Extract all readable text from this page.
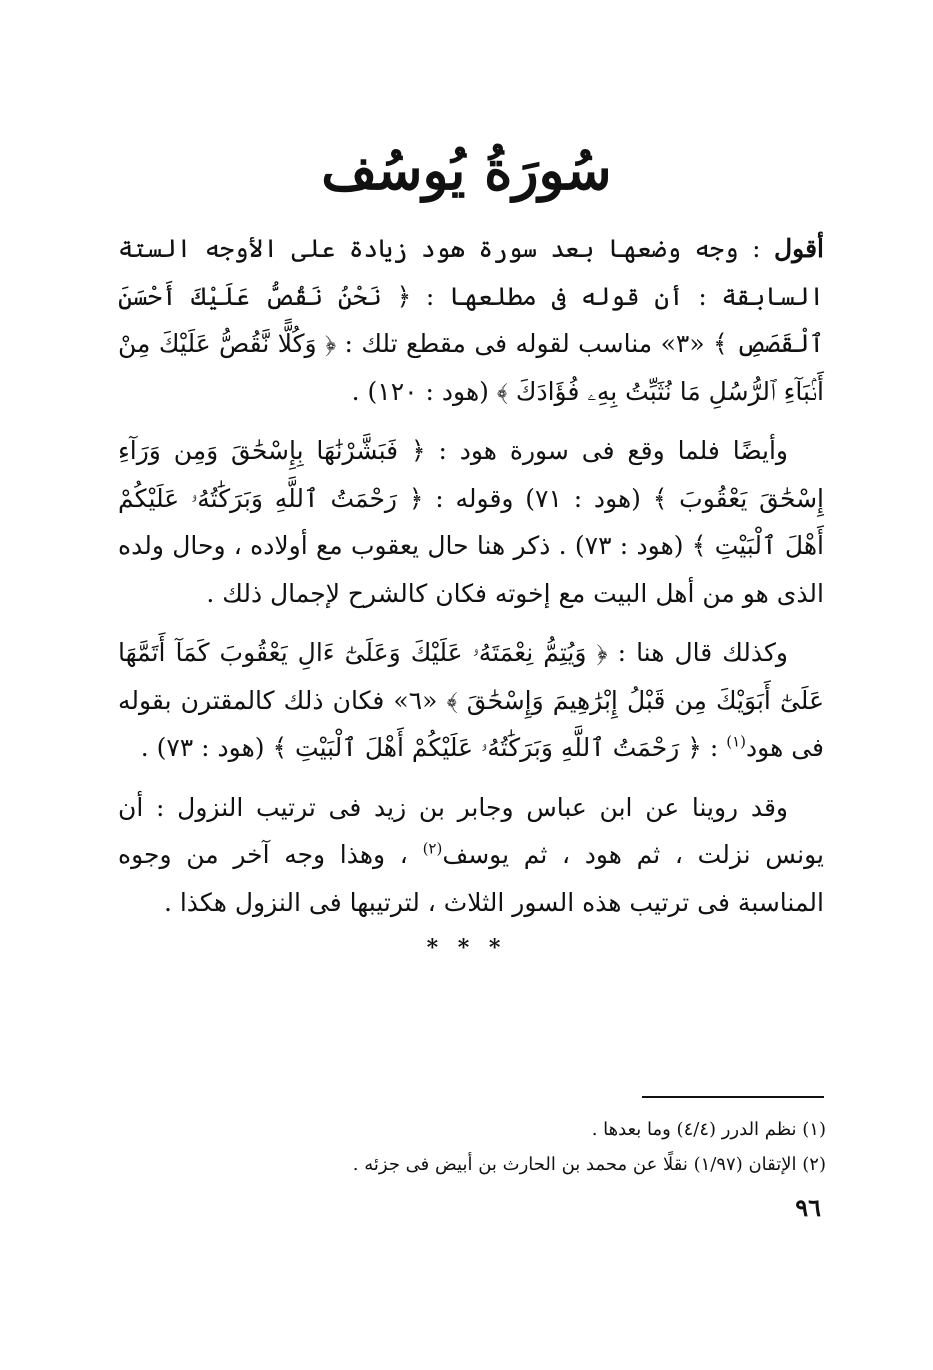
سُورَةُ يُوسُف

أقول : وجه وضعها بعد سورة هود زيادة على الأوجه الستة السابقة : أن قوله فى مطلعها : ﴿ نَحْنُ نَقُصُّ عَلَيْكَ أَحْسَنَ ٱلْقَصَصِ ﴾ «٣» مناسب لقوله فى مقطع تلك : ﴿ وَكُلًّا نَّقُصُّ عَلَيْكَ مِنْ أَنۢبَآءِ ٱلرُّسُلِ مَا نُثَبِّتُ بِهِۦ فُؤَادَكَ ﴾ (هود : ١٢٠) .

وأيضًا فلما وقع فى سورة هود : ﴿ فَبَشَّرْنَٰهَا بِإِسْحَٰقَ وَمِن وَرَآءِ إِسْحَٰقَ يَعْقُوبَ ﴾ (هود : ٧١) وقوله : ﴿ رَحْمَتُ ٱللَّهِ وَبَرَكَٰتُهُۥ عَلَيْكُمْ أَهْلَ ٱلْبَيْتِ ﴾ (هود : ٧٣) . ذكر هنا حال يعقوب مع أولاده ، وحال ولده الذى هو من أهل البيت مع إخوته فكان كالشرح لإجمال ذلك .

وكذلك قال هنا : ﴿ وَيُتِمُّ نِعْمَتَهُۥ عَلَيْكَ وَعَلَىٰٓ ءَالِ يَعْقُوبَ كَمَآ أَتَمَّهَا عَلَىٰٓ أَبَوَيْكَ مِن قَبْلُ إِبْرَٰهِيمَ وَإِسْحَٰقَ ﴾ «٦» فكان ذلك كالمقترن بقوله فى هود$^{(١)}$ : ﴿ رَحْمَتُ ٱللَّهِ وَبَرَكَٰتُهُۥ عَلَيْكُمْ أَهْلَ ٱلْبَيْتِ ﴾ (هود : ٧٣) .

وقد روينا عن ابن عباس وجابر بن زيد فى ترتيب النزول : أن يونس نزلت ، ثم هود ، ثم يوسف$^{(٢)}$ ، وهذا وجه آخر من وجوه المناسبة فى ترتيب هذه السور الثلاث ، لترتيبها فى النزول هكذا .

* * *

(١) نظم الدرر (٤/٤) وما بعدها .

(٢) الإتقان (١/٩٧) نقلًا عن محمد بن الحارث بن أبيض فى جزئه .

٩٦
